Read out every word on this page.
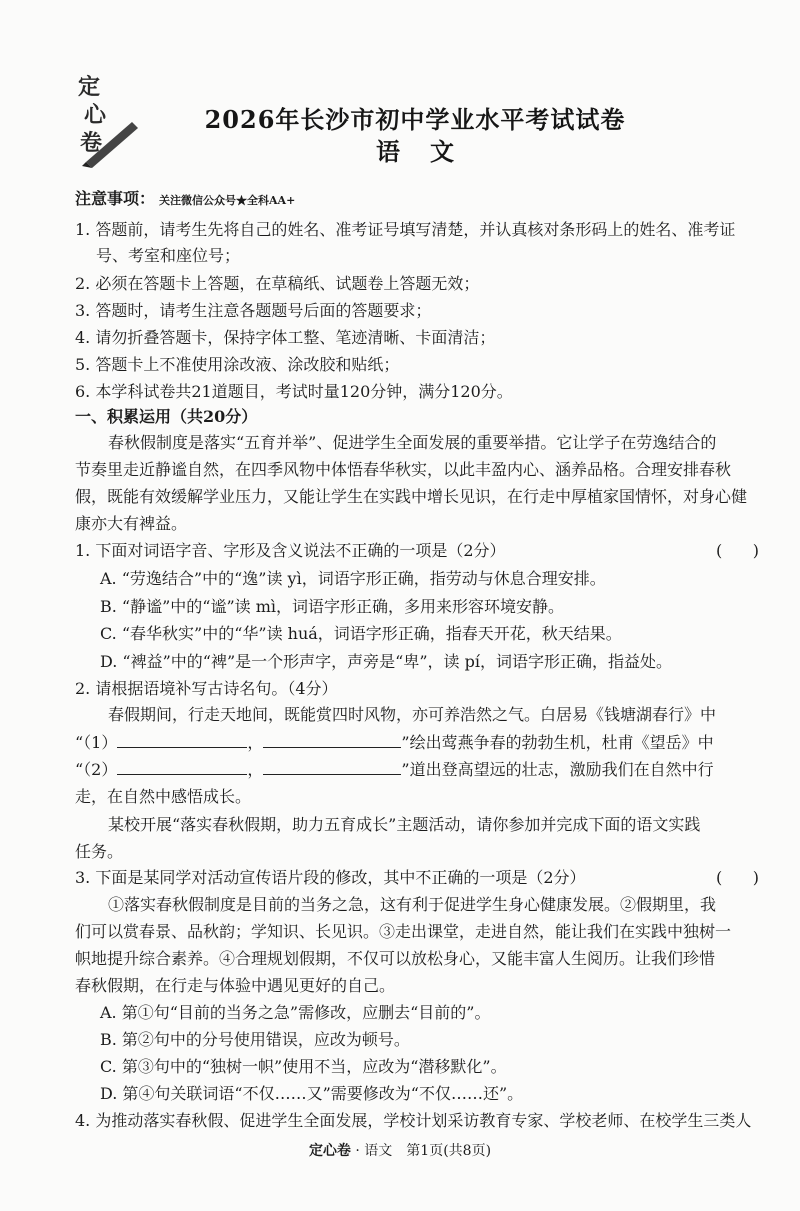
定
心
卷
2026年长沙市初中学业水平考试试卷
语文
注意事项： 关注微信公众号★全科AA+
1. 答题前，请考生先将自己的姓名、准考证号填写清楚，并认真核对条形码上的姓名、准考证
号、考室和座位号；
2. 必须在答题卡上答题，在草稿纸、试题卷上答题无效；
3. 答题时，请考生注意各题题号后面的答题要求；
4. 请勿折叠答题卡，保持字体工整、笔迹清晰、卡面清洁；
5. 答题卡上不准使用涂改液、涂改胶和贴纸；
6. 本学科试卷共21道题目，考试时量120分钟，满分120分。
一、积累运用（共20分）
春秋假制度是落实“五育并举”、促进学生全面发展的重要举措。它让学子在劳逸结合的
节奏里走近静谧自然，在四季风物中体悟春华秋实，以此丰盈内心、涵养品格。合理安排春秋
假，既能有效缓解学业压力，又能让学生在实践中增长见识，在行走中厚植家国情怀，对身心健
康亦大有裨益。
1. 下面对词语字音、字形及含义说法不正确的一项是（2分）	(      )
A. “劳逸结合”中的“逸”读 yì，词语字形正确，指劳动与休息合理安排。
B. “静谧”中的“谧”读 mì，词语字形正确，多用来形容环境安静。
C. “春华秋实”中的“华”读 huá，词语字形正确，指春天开花，秋天结果。
D. “裨益”中的“裨”是一个形声字，声旁是“卑”，读 pí，词语字形正确，指益处。
2. 请根据语境补写古诗名句。（4分）
春假期间，行走天地间，既能赏四时风物，亦可养浩然之气。白居易《钱塘湖春行》中
“（1）	，	”绘出莺燕争春的勃勃生机，杜甫《望岳》中
“（2）	，	”道出登高望远的壮志，激励我们在自然中行
走，在自然中感悟成长。
某校开展“落实春秋假期，助力五育成长”主题活动，请你参加并完成下面的语文实践
任务。
3. 下面是某同学对活动宣传语片段的修改，其中不正确的一项是（2分）	(      )
①落实春秋假制度是目前的当务之急，这有利于促进学生身心健康发展。②假期里，我
们可以赏春景、品秋韵；学知识、长见识。③走出课堂，走进自然，能让我们在实践中独树一
帜地提升综合素养。④合理规划假期，不仅可以放松身心，又能丰富人生阅历。让我们珍惜
春秋假期，在行走与体验中遇见更好的自己。
A. 第①句“目前的当务之急”需修改，应删去“目前的”。
B. 第②句中的分号使用错误，应改为顿号。
C. 第③句中的“独树一帜”使用不当，应改为“潜移默化”。
D. 第④句关联词语“不仅……又”需要修改为“不仅……还”。
4. 为推动落实春秋假、促进学生全面发展，学校计划采访教育专家、学校老师、在校学生三类人
定心卷 · 语文　第1页(共8页)
